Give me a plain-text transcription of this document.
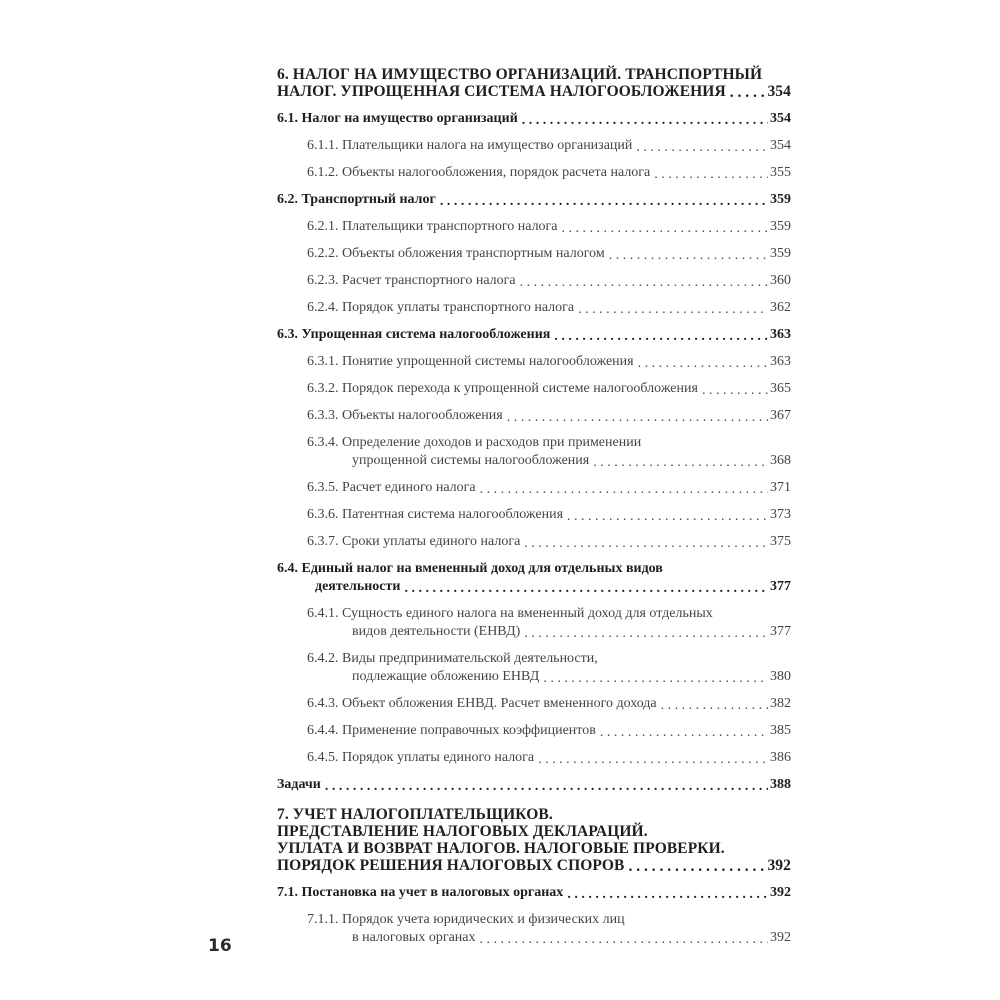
6. НАЛОГ НА ИМУЩЕСТВО ОРГАНИЗАЦИЙ. ТРАНСПОРТНЫЙ
НАЛОГ. УПРОЩЕННАЯ СИСТЕМА НАЛОГООБЛОЖЕНИЯ . . .	354
6.1. Налог на имущество организаций . . .	354
6.1.1. Плательщики налога на имущество организаций . . .	354
6.1.2. Объекты налогообложения, порядок расчета налога . . .	355
6.2. Транспортный налог . . .	359
6.2.1. Плательщики транспортного налога . . .	359
6.2.2. Объекты обложения транспортным налогом . . .	359
6.2.3. Расчет транспортного налога . . .	360
6.2.4. Порядок уплаты транспортного налога . . .	362
6.3. Упрощенная система налогообложения . . .	363
6.3.1. Понятие упрощенной системы налогообложения . . .	363
6.3.2. Порядок перехода к упрощенной системе налогообложения . . .	365
6.3.3. Объекты налогообложения . . .	367
6.3.4. Определение доходов и расходов при применении
упрощенной системы налогообложения . . .	368
6.3.5. Расчет единого налога . . .	371
6.3.6. Патентная система налогообложения . . .	373
6.3.7. Сроки уплаты единого налога . . .	375
6.4. Единый налог на вмененный доход для отдельных видов
деятельности . . .	377
6.4.1. Сущность единого налога на вмененный доход для отдельных
видов деятельности (ЕНВД) . . .	377
6.4.2. Виды предпринимательской деятельности,
подлежащие обложению ЕНВД . . .	380
6.4.3. Объект обложения ЕНВД. Расчет вмененного дохода . . .	382
6.4.4. Применение поправочных коэффициентов . . .	385
6.4.5. Порядок уплаты единого налога . . .	386
Задачи . . .	388
7. УЧЕТ НАЛОГОПЛАТЕЛЬЩИКОВ.
ПРЕДСТАВЛЕНИЕ НАЛОГОВЫХ ДЕКЛАРАЦИЙ.
УПЛАТА И ВОЗВРАТ НАЛОГОВ. НАЛОГОВЫЕ ПРОВЕРКИ.
ПОРЯДОК РЕШЕНИЯ НАЛОГОВЫХ СПОРОВ . . .	392
7.1. Постановка на учет в налоговых органах . . .	392
7.1.1. Порядок учета юридических и физических лиц
в налоговых органах . . .	392
16
